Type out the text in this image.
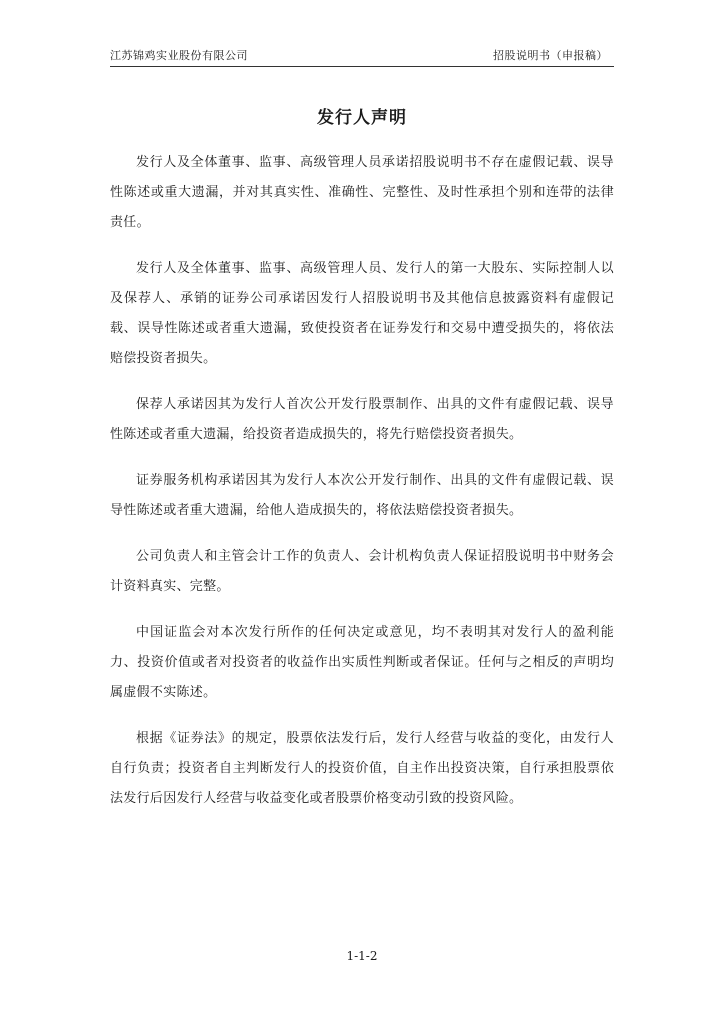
江苏锦鸡实业股份有限公司	招股说明书（申报稿）
发行人声明

发行人及全体董事、监事、高级管理人员承诺招股说明书不存在虚假记载、误导性陈述或重大遗漏，并对其真实性、准确性、完整性、及时性承担个别和连带的法律责任。

发行人及全体董事、监事、高级管理人员、发行人的第一大股东、实际控制人以及保荐人、承销的证券公司承诺因发行人招股说明书及其他信息披露资料有虚假记载、误导性陈述或者重大遗漏，致使投资者在证券发行和交易中遭受损失的，将依法赔偿投资者损失。

保荐人承诺因其为发行人首次公开发行股票制作、出具的文件有虚假记载、误导性陈述或者重大遗漏，给投资者造成损失的，将先行赔偿投资者损失。

证券服务机构承诺因其为发行人本次公开发行制作、出具的文件有虚假记载、误导性陈述或者重大遗漏，给他人造成损失的，将依法赔偿投资者损失。

公司负责人和主管会计工作的负责人、会计机构负责人保证招股说明书中财务会计资料真实、完整。

中国证监会对本次发行所作的任何决定或意见，均不表明其对发行人的盈利能力、投资价值或者对投资者的收益作出实质性判断或者保证。任何与之相反的声明均属虚假不实陈述。

根据《证券法》的规定，股票依法发行后，发行人经营与收益的变化，由发行人自行负责；投资者自主判断发行人的投资价值，自主作出投资决策，自行承担股票依法发行后因发行人经营与收益变化或者股票价格变动引致的投资风险。

1-1-2
